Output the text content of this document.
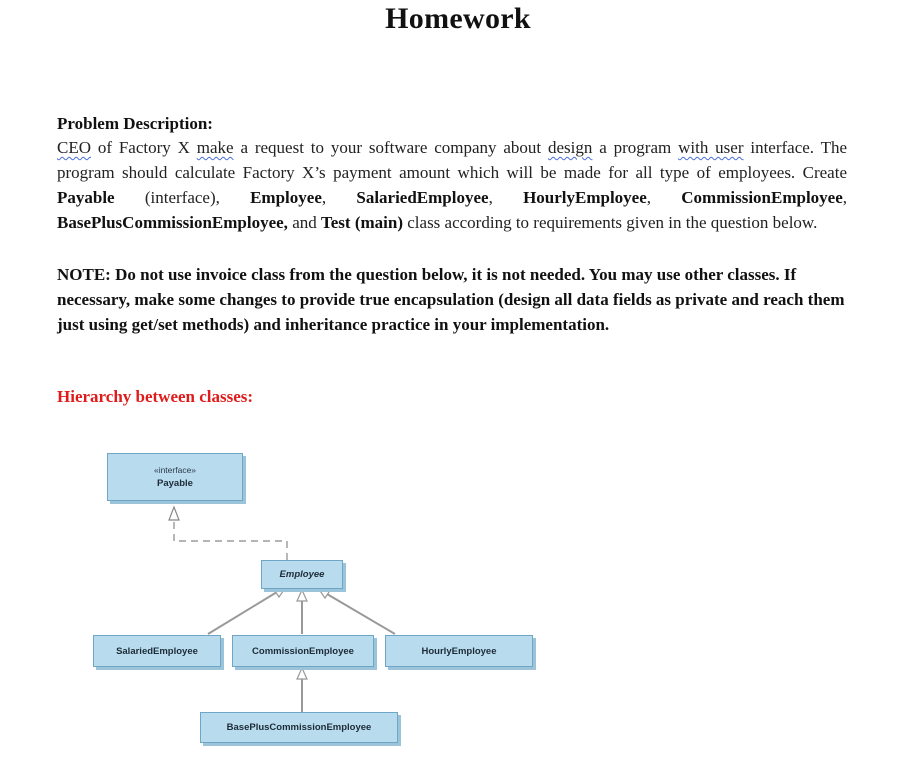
Homework
Problem Description:
CEO of Factory X make a request to your software company about design a program with user interface. The program should calculate Factory X’s payment amount which will be made for all type of employees. Create Payable (interface), Employee, SalariedEmployee, HourlyEmployee, CommissionEmployee, BasePlusCommissionEmployee, and Test (main) class according to requirements given in the question below.
NOTE: Do not use invoice class from the question below, it is not needed. You may use other classes. If necessary, make some changes to provide true encapsulation (design all data fields as private and reach them just using get/set methods) and inheritance practice in your implementation.
Hierarchy between classes:
«interface»
Payable
Employee
SalariedEmployee	CommissionEmployee	HourlyEmployee
BasePlusCommissionEmployee
